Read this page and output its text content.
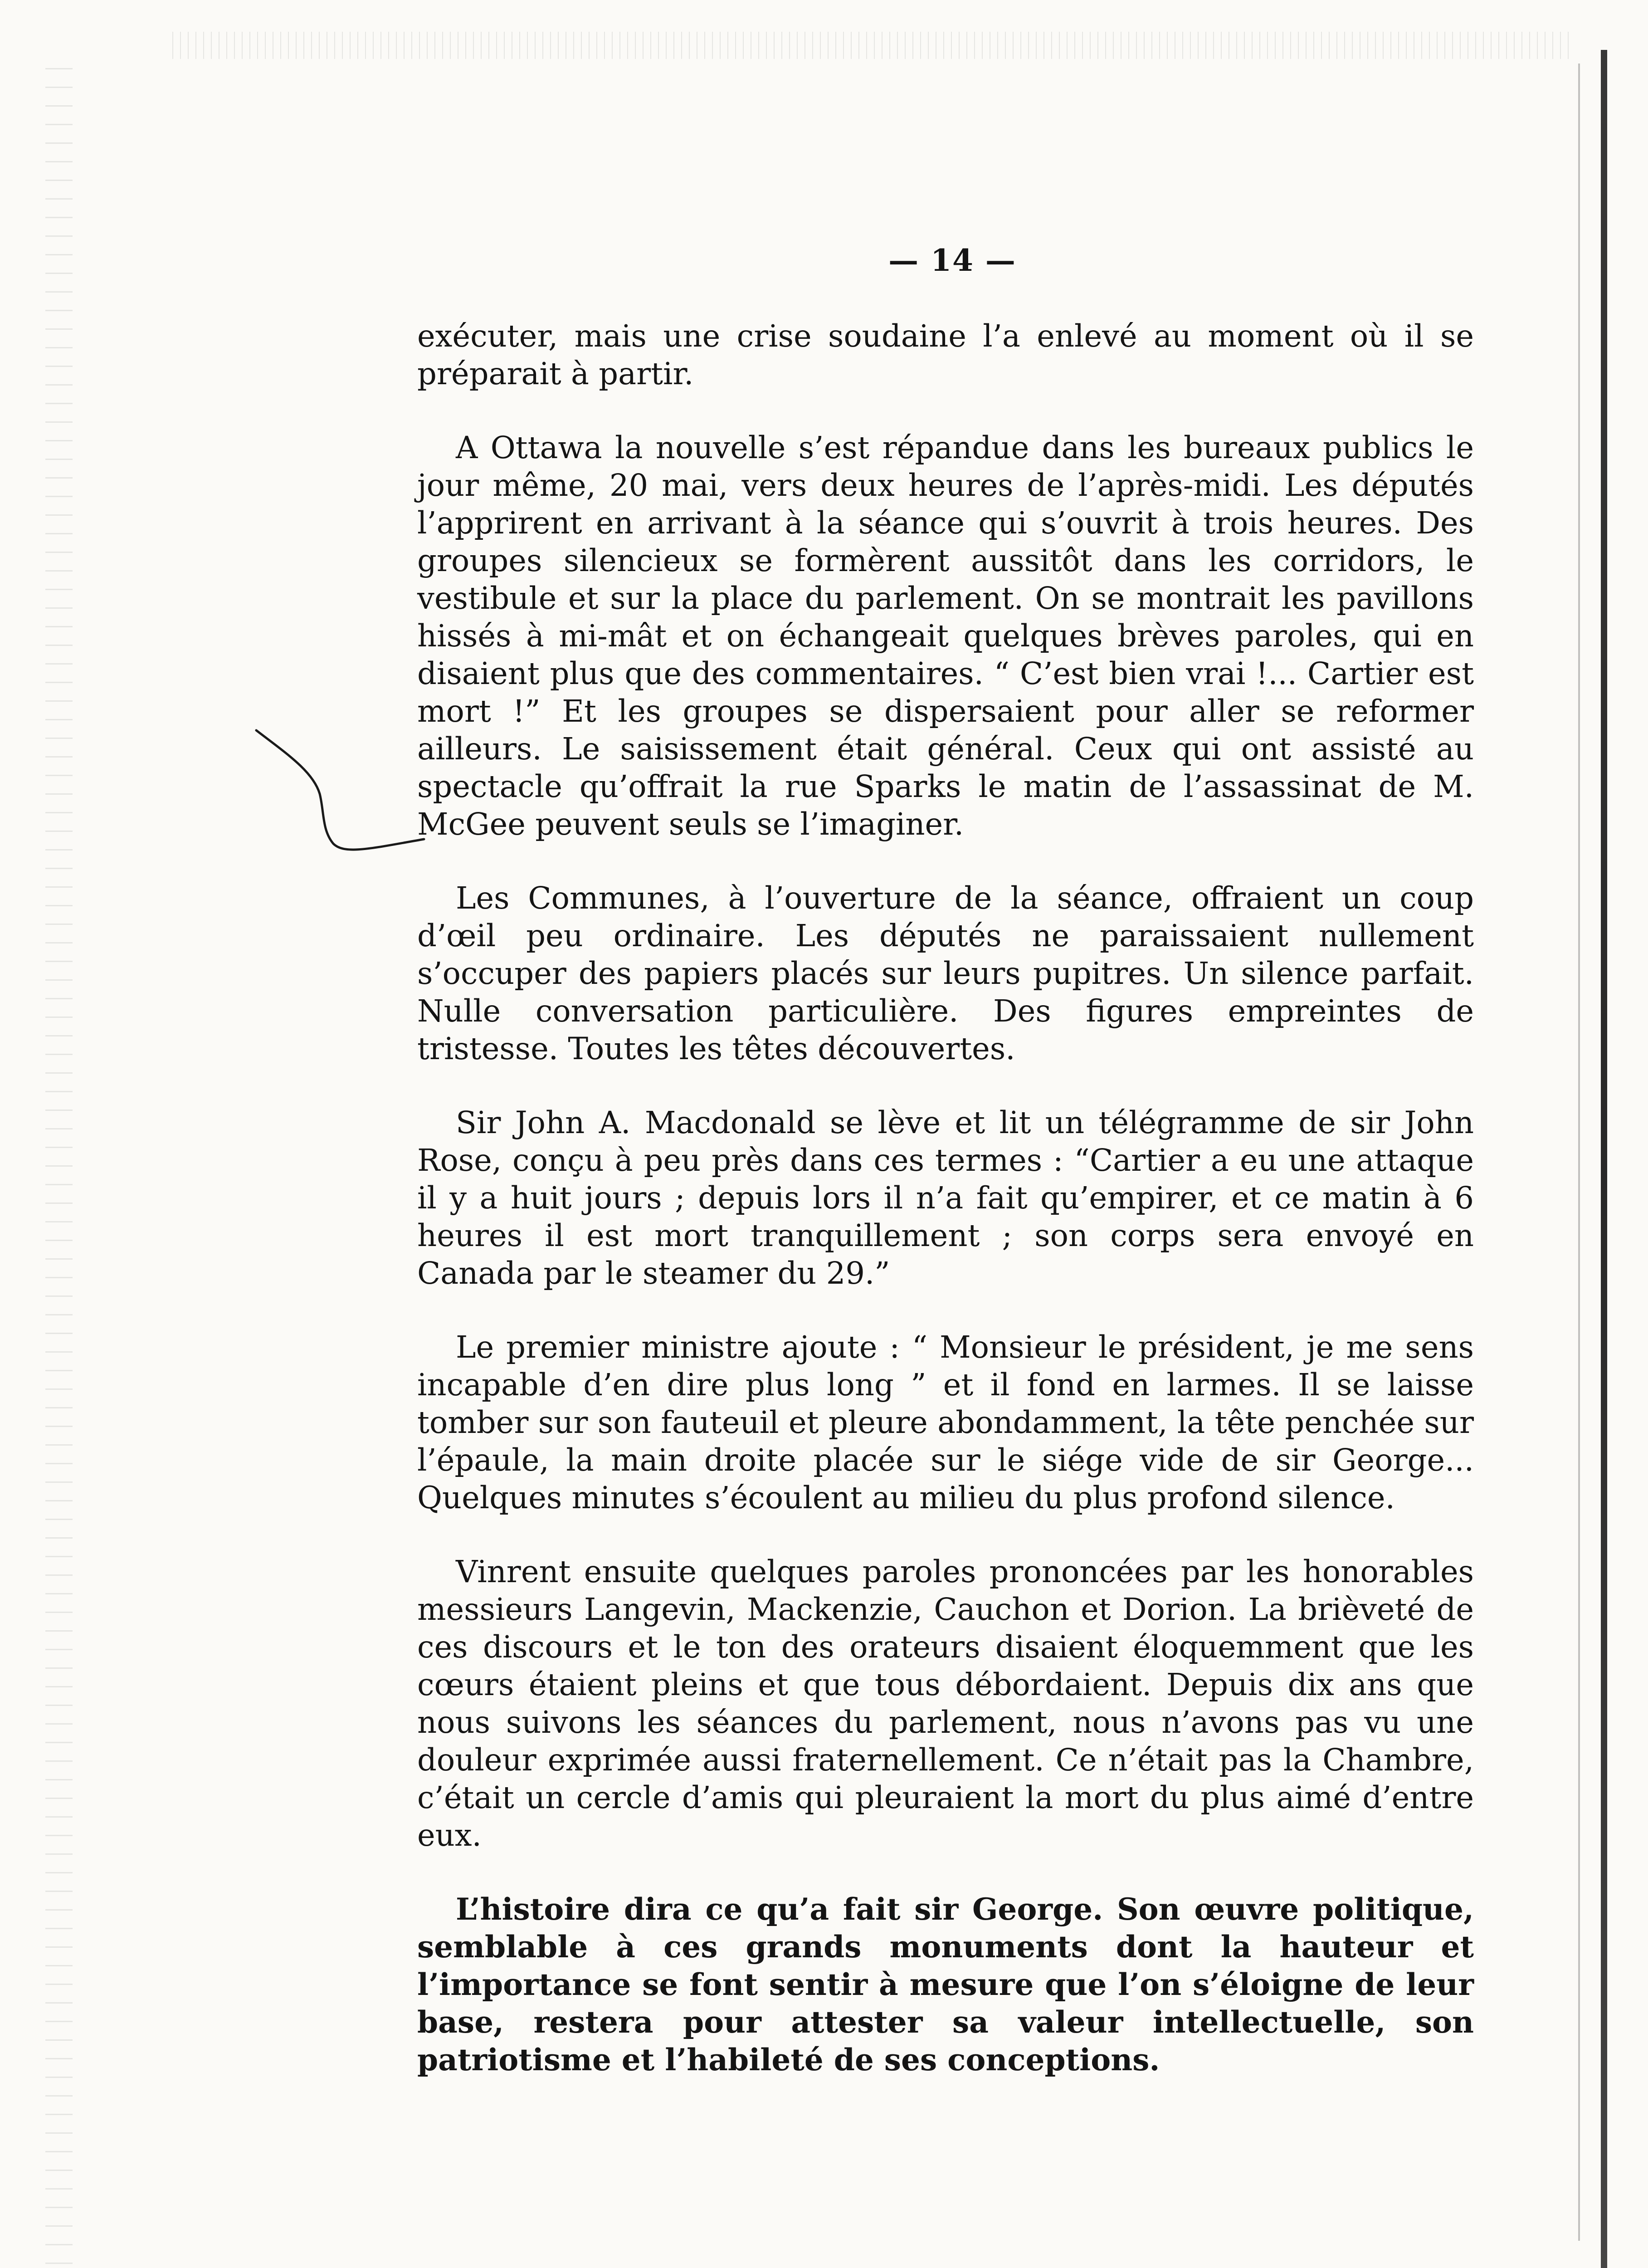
— 14 —

exécuter, mais une crise soudaine l’a enlevé au moment où il se préparait à partir.

A Ottawa la nouvelle s’est répandue dans les bureaux publics le jour même, 20 mai, vers deux heures de l’après-midi. Les députés l’apprirent en arrivant à la séance qui s’ouvrit à trois heures. Des groupes silencieux se formèrent aussitôt dans les corridors, le vestibule et sur la place du parlement. On se montrait les pavillons hissés à mi-mât et on échangeait quelques brèves paroles, qui en disaient plus que des commentaires. “ C’est bien vrai !... Cartier est mort !” Et les groupes se dispersaient pour aller se reformer ailleurs. Le saisissement était général. Ceux qui ont assisté au spectacle qu’offrait la rue Sparks le matin de l’assassinat de M. McGee peuvent seuls se l’imaginer.

Les Communes, à l’ouverture de la séance, offraient un coup d’œil peu ordinaire. Les députés ne paraissaient nullement s’occuper des papiers placés sur leurs pupitres. Un silence parfait. Nulle conversation particulière. Des figures empreintes de tristesse. Toutes les têtes découvertes.

Sir John A. Macdonald se lève et lit un télégramme de sir John Rose, conçu à peu près dans ces termes : “Cartier a eu une attaque il y a huit jours ; depuis lors il n’a fait qu’empirer, et ce matin à 6 heures il est mort tranquillement ; son corps sera envoyé en Canada par le steamer du 29.”

Le premier ministre ajoute : “ Monsieur le président, je me sens incapable d’en dire plus long ” et il fond en larmes. Il se laisse tomber sur son fauteuil et pleure abondamment, la tête penchée sur l’épaule, la main droite placée sur le siége vide de sir George... Quelques minutes s’écoulent au milieu du plus profond silence.

Vinrent ensuite quelques paroles prononcées par les honorables messieurs Langevin, Mackenzie, Cauchon et Dorion. La brièveté de ces discours et le ton des orateurs disaient éloquemment que les cœurs étaient pleins et que tous débordaient. Depuis dix ans que nous suivons les séances du parlement, nous n’avons pas vu une douleur exprimée aussi fraternellement. Ce n’était pas la Chambre, c’était un cercle d’amis qui pleuraient la mort du plus aimé d’entre eux.

L’histoire dira ce qu’a fait sir George. Son œuvre politique, semblable à ces grands monuments dont la hauteur et l’importance se font sentir à mesure que l’on s’éloigne de leur base, restera pour attester sa valeur intellectuelle, son patriotisme et l’habileté de ses conceptions.
